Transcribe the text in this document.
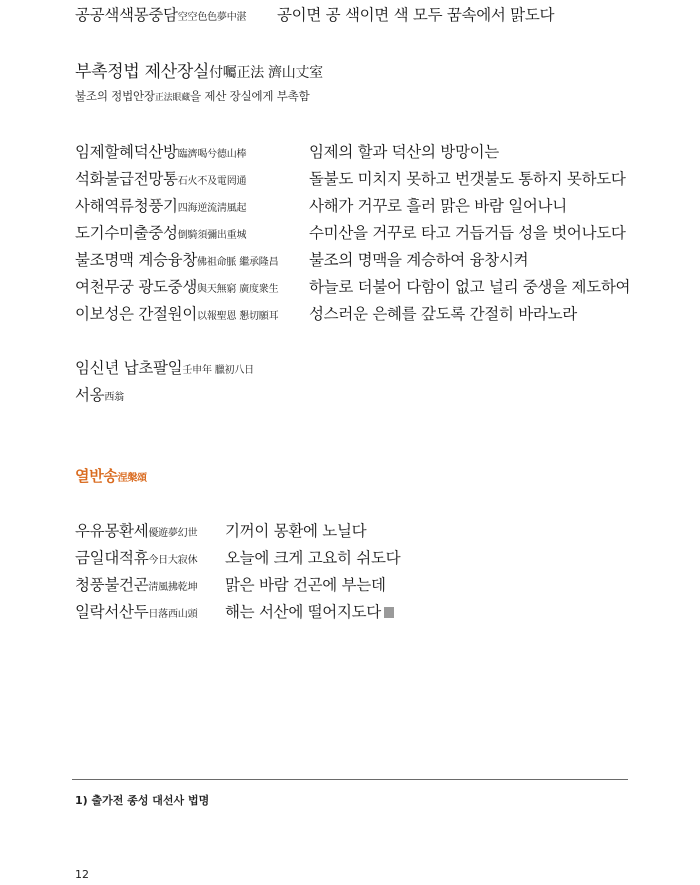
공공색색몽중담空空色色夢中湛 공이면 공 색이면 색 모두 꿈속에서 맑도다
부촉정법 제산장실付囑正法 濟山丈室
불조의 정법안장正法眼藏을 제산 장실에게 부촉함
임제할혜덕산방臨濟喝兮德山棒	임제의 할과 덕산의 방망이는
석화불급전망통石火不及電罔通	돌불도 미치지 못하고 번갯불도 통하지 못하도다
사해역류청풍기四海逆流淸風起	사해가 거꾸로 흘러 맑은 바람 일어나니
도기수미출중성倒騎須彌出重城	수미산을 거꾸로 타고 거듭거듭 성을 벗어나도다
불조명맥 계승융창佛祖命脈 繼承隆昌 불조의 명맥을 계승하여 융창시켜
여천무궁 광도중생與天無窮 廣度衆生 하늘로 더불어 다함이 없고 널리 중생을 제도하여
이보성은 간절원이以報聖恩 懇切願耳 성스러운 은혜를 갚도록 간절히 바라노라
임신년 납초팔일壬申年 臘初八日
서옹西翁
열반송涅槃頌
우유몽환세優遊夢幻世 기꺼이 몽환에 노닐다
금일대적휴今日大寂休 오늘에 크게 고요히 쉬도다
청풍불건곤淸風拂乾坤 맑은 바람 건곤에 부는데
일락서산두日落西山頭 해는 서산에 떨어지도다
1) 출가전 종성 대선사 법명
12
